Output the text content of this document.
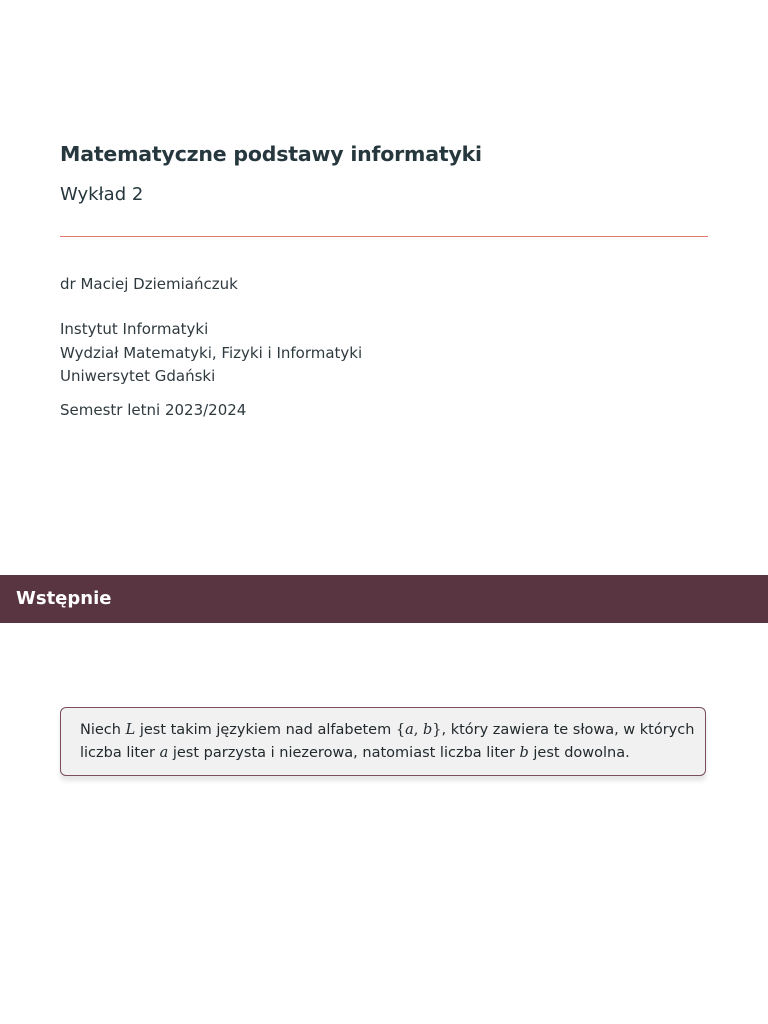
Matematyczne podstawy informatyki
Wykład 2
dr Maciej Dziemiańczuk
Instytut Informatyki
Wydział Matematyki, Fizyki i Informatyki
Uniwersytet Gdański
Semestr letni 2023/2024
Wstępnie
Niech L jest takim językiem nad alfabetem {a, b}, który zawiera te słowa, w których
liczba liter a jest parzysta i niezerowa, natomiast liczba liter b jest dowolna.
